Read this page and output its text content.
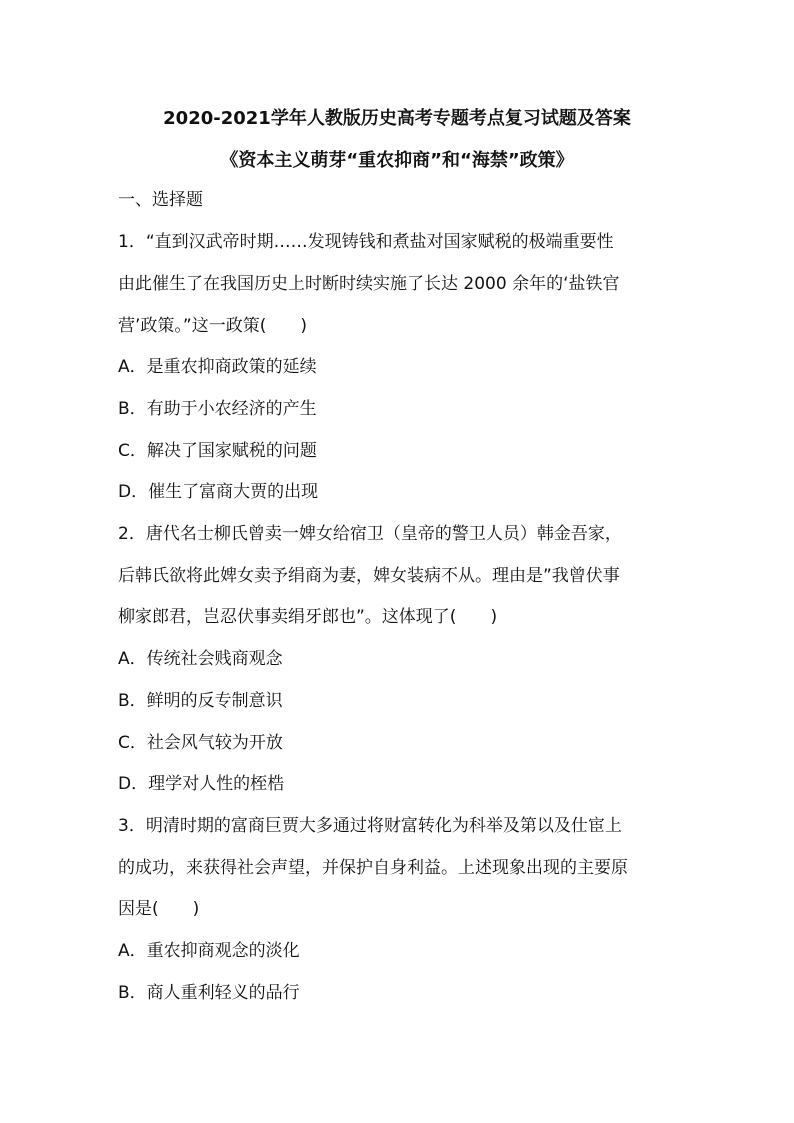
2020-2021学年人教版历史高考专题考点复习试题及答案
《资本主义萌芽“重农抑商”和“海禁”政策》
一、选择题
1．“直到汉武帝时期……发现铸钱和煮盐对国家赋税的极端重要性
由此催生了在我国历史上时断时续实施了长达 2000 余年的‘盐铁官
营’政策。”这一政策(　　)
A．是重农抑商政策的延续
B．有助于小农经济的产生
C．解决了国家赋税的问题
D．催生了富商大贾的出现
2．唐代名士柳氏曾卖一婢女给宿卫（皇帝的警卫人员）韩金吾家，
后韩氏欲将此婢女卖予绢商为妻，婢女装病不从。理由是”我曾伏事
柳家郎君，岂忍伏事卖绢牙郎也”。这体现了(　　)
A．传统社会贱商观念
B．鲜明的反专制意识
C．社会风气较为开放
D．理学对人性的桎梏
3．明清时期的富商巨贾大多通过将财富转化为科举及第以及仕宦上
的成功，来获得社会声望，并保护自身利益。上述现象出现的主要原
因是(　　)
A．重农抑商观念的淡化
B．商人重利轻义的品行
